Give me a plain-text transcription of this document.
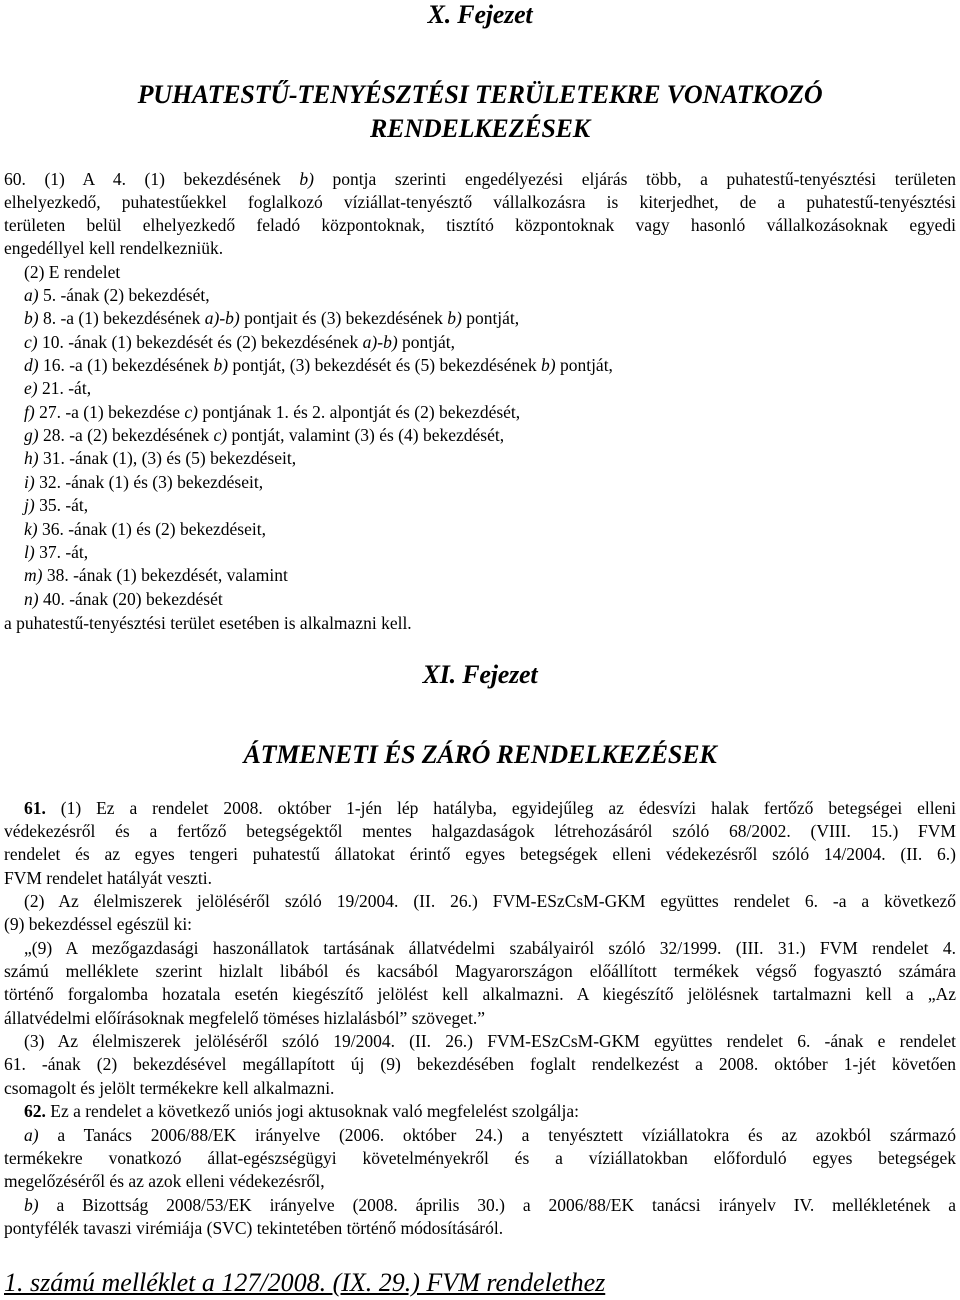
X. Fejezet
PUHATESTŰ-TENYÉSZTÉSI TERÜLETEKRE VONATKOZÓ
RENDELKEZÉSEK

60. (1) A 4. (1) bekezdésének b) pontja szerinti engedélyezési eljárás több, a puhatestű-tenyésztési területen

elhelyezkedő, puhatestűekkel foglalkozó víziállat-tenyésztő vállalkozásra is kiterjedhet, de a puhatestű-tenyésztési

területen belül elhelyezkedő feladó központoknak, tisztító központoknak vagy hasonló vállalkozásoknak egyedi

engedéllyel kell rendelkezniük.

(2) E rendelet

a) 5. -ának (2) bekezdését,

b) 8. -a (1) bekezdésének a)-b) pontjait és (3) bekezdésének b) pontját,

c) 10. -ának (1) bekezdését és (2) bekezdésének a)-b) pontját,

d) 16. -a (1) bekezdésének b) pontját, (3) bekezdését és (5) bekezdésének b) pontját,

e) 21. -át,

f) 27. -a (1) bekezdése c) pontjának 1. és 2. alpontját és (2) bekezdését,

g) 28. -a (2) bekezdésének c) pontját, valamint (3) és (4) bekezdését,

h) 31. -ának (1), (3) és (5) bekezdéseit,

i) 32. -ának (1) és (3) bekezdéseit,

j) 35. -át,

k) 36. -ának (1) és (2) bekezdéseit,

l) 37. -át,

m) 38. -ának (1) bekezdését, valamint

n) 40. -ának (20) bekezdését

a puhatestű-tenyésztési terület esetében is alkalmazni kell.

XI. Fejezet
ÁTMENETI ÉS ZÁRÓ RENDELKEZÉSEK

61. (1) Ez a rendelet 2008. október 1-jén lép hatályba, egyidejűleg az édesvízi halak fertőző betegségei elleni

védekezésről és a fertőző betegségektől mentes halgazdaságok létrehozásáról szóló 68/2002. (VIII. 15.) FVM

rendelet és az egyes tengeri puhatestű állatokat érintő egyes betegségek elleni védekezésről szóló 14/2004. (II. 6.)

FVM rendelet hatályát veszti.

(2) Az élelmiszerek jelöléséről szóló 19/2004. (II. 26.) FVM-ESzCsM-GKM együttes rendelet 6. -a a következő

(9) bekezdéssel egészül ki:

„(9) A mezőgazdasági haszonállatok tartásának állatvédelmi szabályairól szóló 32/1999. (III. 31.) FVM rendelet 4.

számú melléklete szerint hizlalt libából és kacsából Magyarországon előállított termékek végső fogyasztó számára

történő forgalomba hozatala esetén kiegészítő jelölést kell alkalmazni. A kiegészítő jelölésnek tartalmazni kell a „Az

állatvédelmi előírásoknak megfelelő töméses hizlalásból” szöveget.”

(3) Az élelmiszerek jelöléséről szóló 19/2004. (II. 26.) FVM-ESzCsM-GKM együttes rendelet 6. -ának e rendelet

61. -ának (2) bekezdésével megállapított új (9) bekezdésében foglalt rendelkezést a 2008. október 1-jét követően

csomagolt és jelölt termékekre kell alkalmazni.

62. Ez a rendelet a következő uniós jogi aktusoknak való megfelelést szolgálja:

a) a Tanács 2006/88/EK irányelve (2006. október 24.) a tenyésztett víziállatokra és az azokból származó

termékekre vonatkozó állat-egészségügyi követelményekről és a víziállatokban előforduló egyes betegségek

megelőzéséről és az azok elleni védekezésről,

b) a Bizottság 2008/53/EK irányelve (2008. április 30.) a 2006/88/EK tanácsi irányelv IV. mellékletének a

pontyfélék tavaszi virémiája (SVC) tekintetében történő módosításáról.

1. számú melléklet a 127/2008. (IX. 29.) FVM rendelethez
